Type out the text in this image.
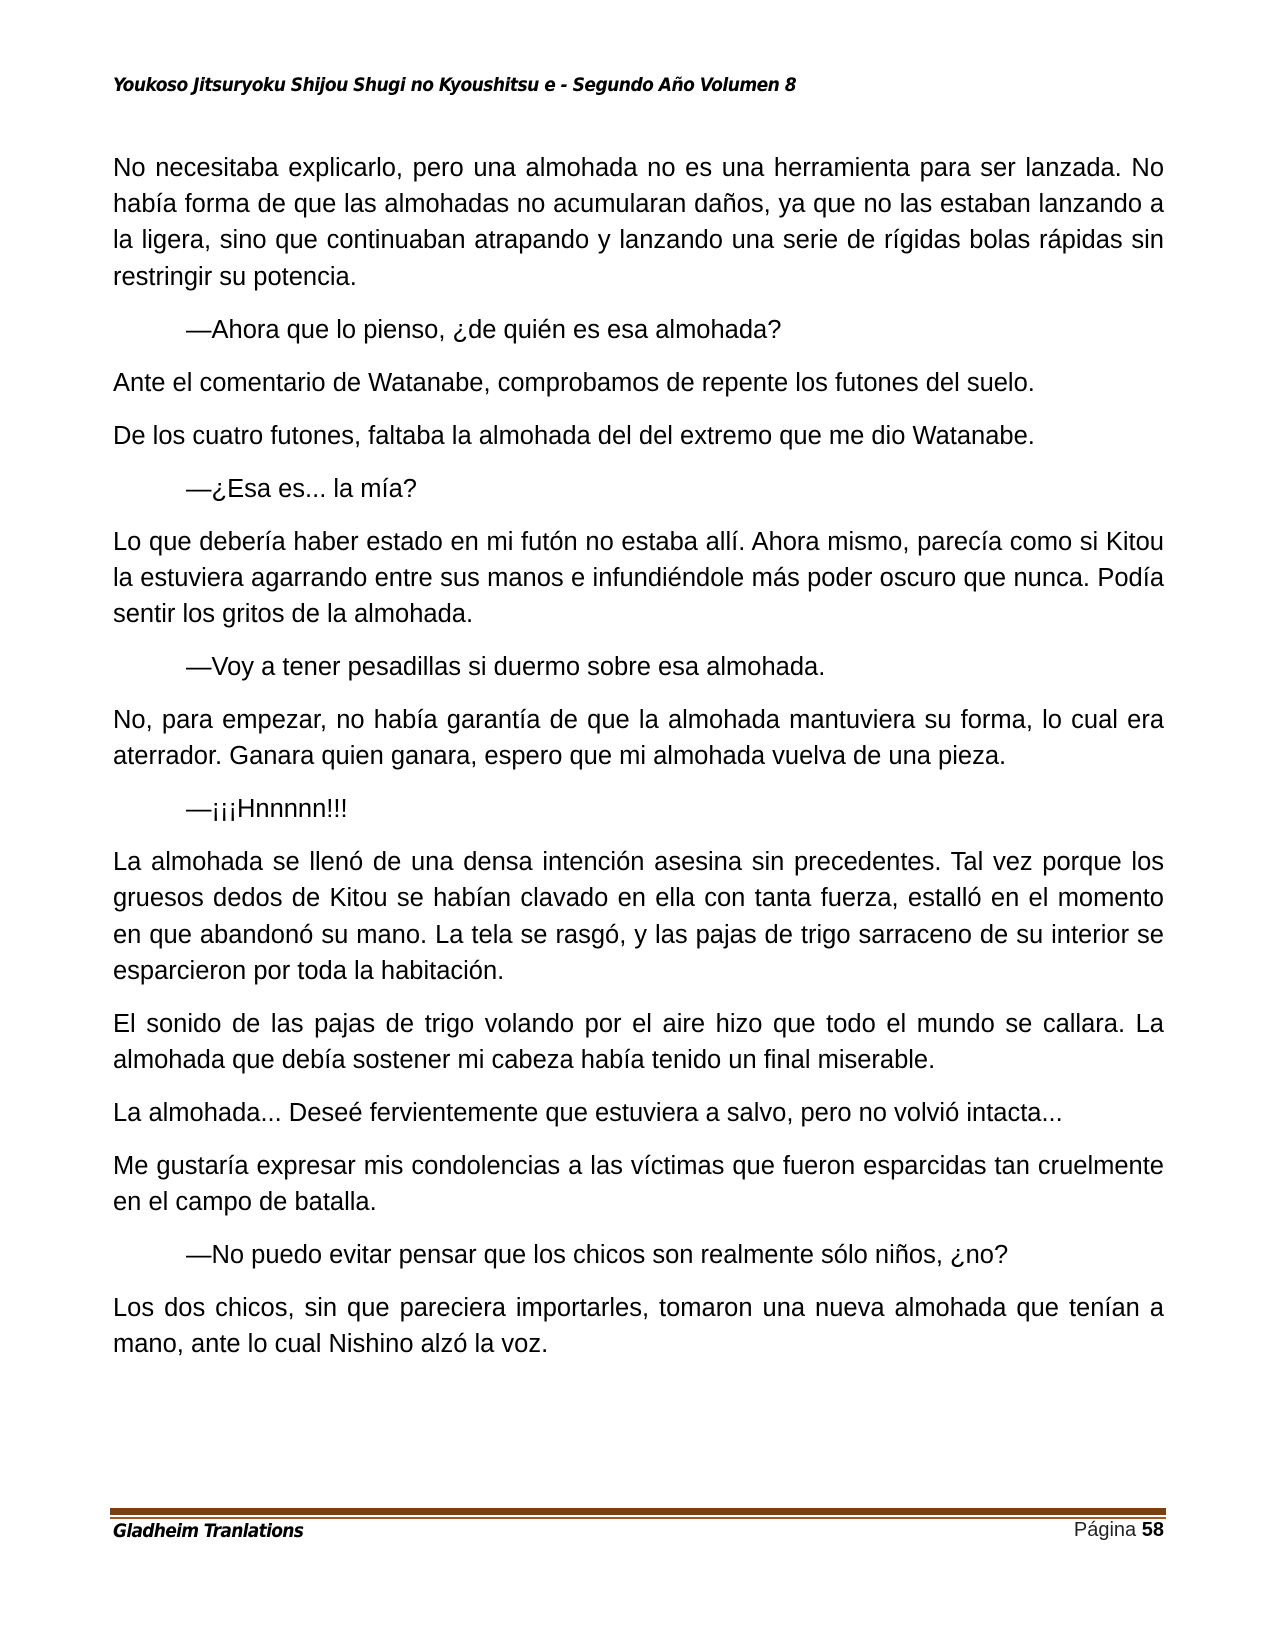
Youkoso Jitsuryoku Shijou Shugi no Kyoushitsu e - Segundo Año Volumen 8

No necesitaba explicarlo, pero una almohada no es una herramienta para ser lanzada. No había forma de que las almohadas no acumularan daños, ya que no las estaban lanzando a la ligera, sino que continuaban atrapando y lanzando una serie de rígidas bolas rápidas sin restringir su potencia.

—Ahora que lo pienso, ¿de quién es esa almohada?

Ante el comentario de Watanabe, comprobamos de repente los futones del suelo.

De los cuatro futones, faltaba la almohada del del extremo que me dio Watanabe.

—¿Esa es... la mía?

Lo que debería haber estado en mi futón no estaba allí. Ahora mismo, parecía como si Kitou la estuviera agarrando entre sus manos e infundiéndole más poder oscuro que nunca. Podía sentir los gritos de la almohada.

—Voy a tener pesadillas si duermo sobre esa almohada.

No, para empezar, no había garantía de que la almohada mantuviera su forma, lo cual era aterrador. Ganara quien ganara, espero que mi almohada vuelva de una pieza.

—¡¡¡Hnnnnn!!!

La almohada se llenó de una densa intención asesina sin precedentes. Tal vez porque los gruesos dedos de Kitou se habían clavado en ella con tanta fuerza, estalló en el momento en que abandonó su mano. La tela se rasgó, y las pajas de trigo sarraceno de su interior se esparcieron por toda la habitación.

El sonido de las pajas de trigo volando por el aire hizo que todo el mundo se callara. La almohada que debía sostener mi cabeza había tenido un final miserable.

La almohada... Deseé fervientemente que estuviera a salvo, pero no volvió intacta...

Me gustaría expresar mis condolencias a las víctimas que fueron esparcidas tan cruelmente en el campo de batalla.

—No puedo evitar pensar que los chicos son realmente sólo niños, ¿no?

Los dos chicos, sin que pareciera importarles, tomaron una nueva almohada que tenían a mano, ante lo cual Nishino alzó la voz.

Gladheim Tranlations	Página 58
